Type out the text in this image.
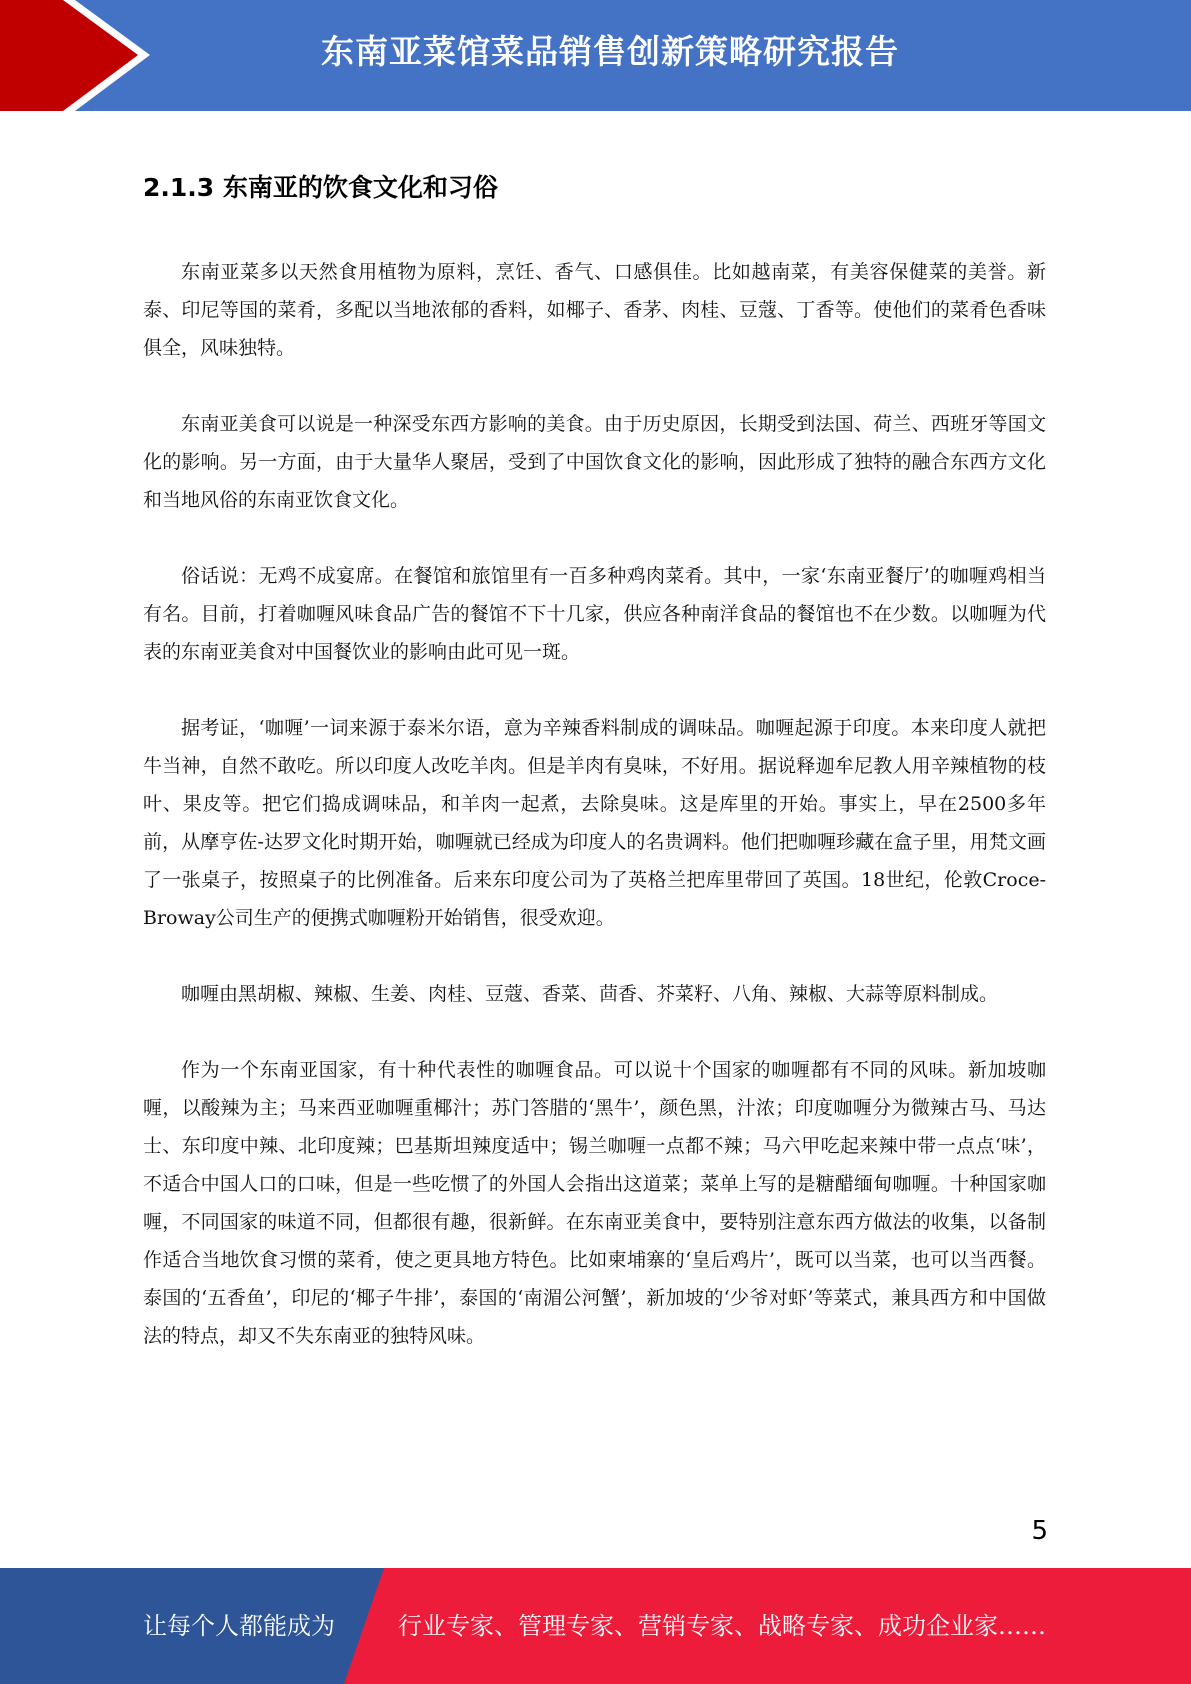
东南亚菜馆菜品销售创新策略研究报告
2.1.3 东南亚的饮食文化和习俗

东南亚菜多以天然食用植物为原料，烹饪、香气、口感俱佳。比如越南菜，有美容保健菜的美誉。新泰、印尼等国的菜肴，多配以当地浓郁的香料，如椰子、香茅、肉桂、豆蔻、丁香等。使他们的菜肴色香味俱全，风味独特。

东南亚美食可以说是一种深受东西方影响的美食。由于历史原因，长期受到法国、荷兰、西班牙等国文化的影响。另一方面，由于大量华人聚居，受到了中国饮食文化的影响，因此形成了独特的融合东西方文化和当地风俗的东南亚饮食文化。

俗话说：无鸡不成宴席。在餐馆和旅馆里有一百多种鸡肉菜肴。其中，一家‘东南亚餐厅’的咖喱鸡相当有名。目前，打着咖喱风味食品广告的餐馆不下十几家，供应各种南洋食品的餐馆也不在少数。以咖喱为代表的东南亚美食对中国餐饮业的影响由此可见一斑。

据考证，‘咖喱’一词来源于泰米尔语，意为辛辣香料制成的调味品。咖喱起源于印度。本来印度人就把牛当神，自然不敢吃。所以印度人改吃羊肉。但是羊肉有臭味，不好用。据说释迦牟尼教人用辛辣植物的枝叶、果皮等。把它们捣成调味品，和羊肉一起煮，去除臭味。这是库里的开始。事实上，早在2500多年前，从摩亨佐-达罗文化时期开始，咖喱就已经成为印度人的名贵调料。他们把咖喱珍藏在盒子里，用梵文画了一张桌子，按照桌子的比例准备。后来东印度公司为了英格兰把库里带回了英国。18世纪，伦敦Croce-Broway公司生产的便携式咖喱粉开始销售，很受欢迎。

咖喱由黑胡椒、辣椒、生姜、肉桂、豆蔻、香菜、茴香、芥菜籽、八角、辣椒、大蒜等原料制成。

作为一个东南亚国家，有十种代表性的咖喱食品。可以说十个国家的咖喱都有不同的风味。新加坡咖喱，以酸辣为主；马来西亚咖喱重椰汁；苏门答腊的‘黑牛’，颜色黑，汁浓；印度咖喱分为微辣古马、马达士、东印度中辣、北印度辣；巴基斯坦辣度适中；锡兰咖喱一点都不辣；马六甲吃起来辣中带一点点‘味’，不适合中国人口的口味，但是一些吃惯了的外国人会指出这道菜；菜单上写的是糖醋缅甸咖喱。十种国家咖喱，不同国家的味道不同，但都很有趣，很新鲜。在东南亚美食中，要特别注意东西方做法的收集，以备制作适合当地饮食习惯的菜肴，使之更具地方特色。比如柬埔寨的‘皇后鸡片’，既可以当菜，也可以当西餐。泰国的‘五香鱼’，印尼的‘椰子牛排’，泰国的‘南湄公河蟹’，新加坡的‘少爷对虾’等菜式，兼具西方和中国做法的特点，却又不失东南亚的独特风味。

5
让每个人都能成为	行业专家、管理专家、营销专家、战略专家、成功企业家……
